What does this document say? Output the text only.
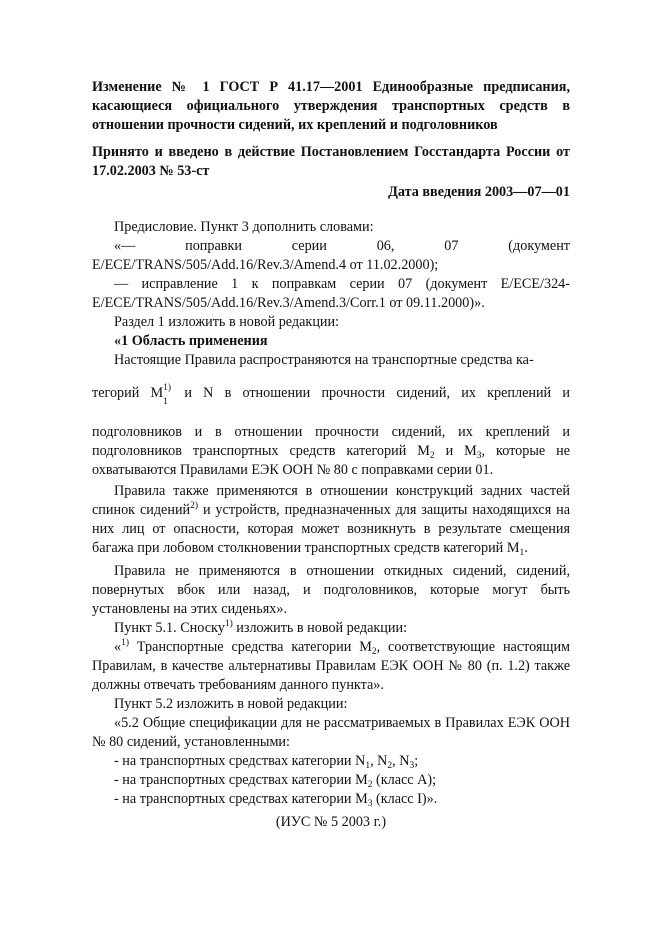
Изменение № 1 ГОСТ Р 41.17—2001 Единообразные предписания, касающиеся официального утверждения транспортных средств в отношении прочности сидений, их креплений и подголовников

Принято и введено в действие Постановлением Госстандарта России от 17.02.2003 № 53-ст

Дата введения 2003—07—01

Предисловие. Пункт 3 дополнить словами:

«— поправки серии 06, 07 (документ E/ECE/TRANS/505/Add.16/Rev.3/Amend.4 от 11.02.2000);

— исправление 1 к поправкам серии 07 (документ E/ECE/324-E/ECE/TRANS/505/Add.16/Rev.3/Amend.3/Corr.1 от 09.11.2000)».

Раздел 1 изложить в новой редакции:

«1 Область применения

Настоящие Правила распространяются на транспортные средства ка-

тегорий M 1)
1
и N в отношении прочности сидений, их креплений и

подголовников и в отношении прочности сидений, их креплений и подголовников транспортных средств категорий $M_2$ и $M_3$, которые не охватываются Правилами ЕЭК ООН № 80 с поправками серии 01.

Правила также применяются в отношении конструкций задних частей спинок сидений$^{2)}$ и устройств, предназначенных для защиты находящихся на них лиц от опасности, которая может возникнуть в результате смещения багажа при лобовом столкновении транспортных средств категорий $M_1$.

Правила не применяются в отношении откидных сидений, сидений, повернутых вбок или назад, и подголовников, которые могут быть установлены на этих сиденьях».

Пункт 5.1. Сноску$^{1)}$ изложить в новой редакции:

«$^{1)}$ Транспортные средства категории $M_2$, соответствующие настоящим Правилам, в качестве альтернативы Правилам ЕЭК ООН № 80 (п. 1.2) также должны отвечать требованиям данного пункта».

Пункт 5.2 изложить в новой редакции:

«5.2 Общие спецификации для не рассматриваемых в Правилах ЕЭК ООН № 80 сидений, установленными:

- на транспортных средствах категории $N_1$, $N_2$, $N_3$;

- на транспортных средствах категории $M_2$ (класс А);

- на транспортных средствах категории $M_3$ (класс I)».

(ИУС № 5 2003 г.)
